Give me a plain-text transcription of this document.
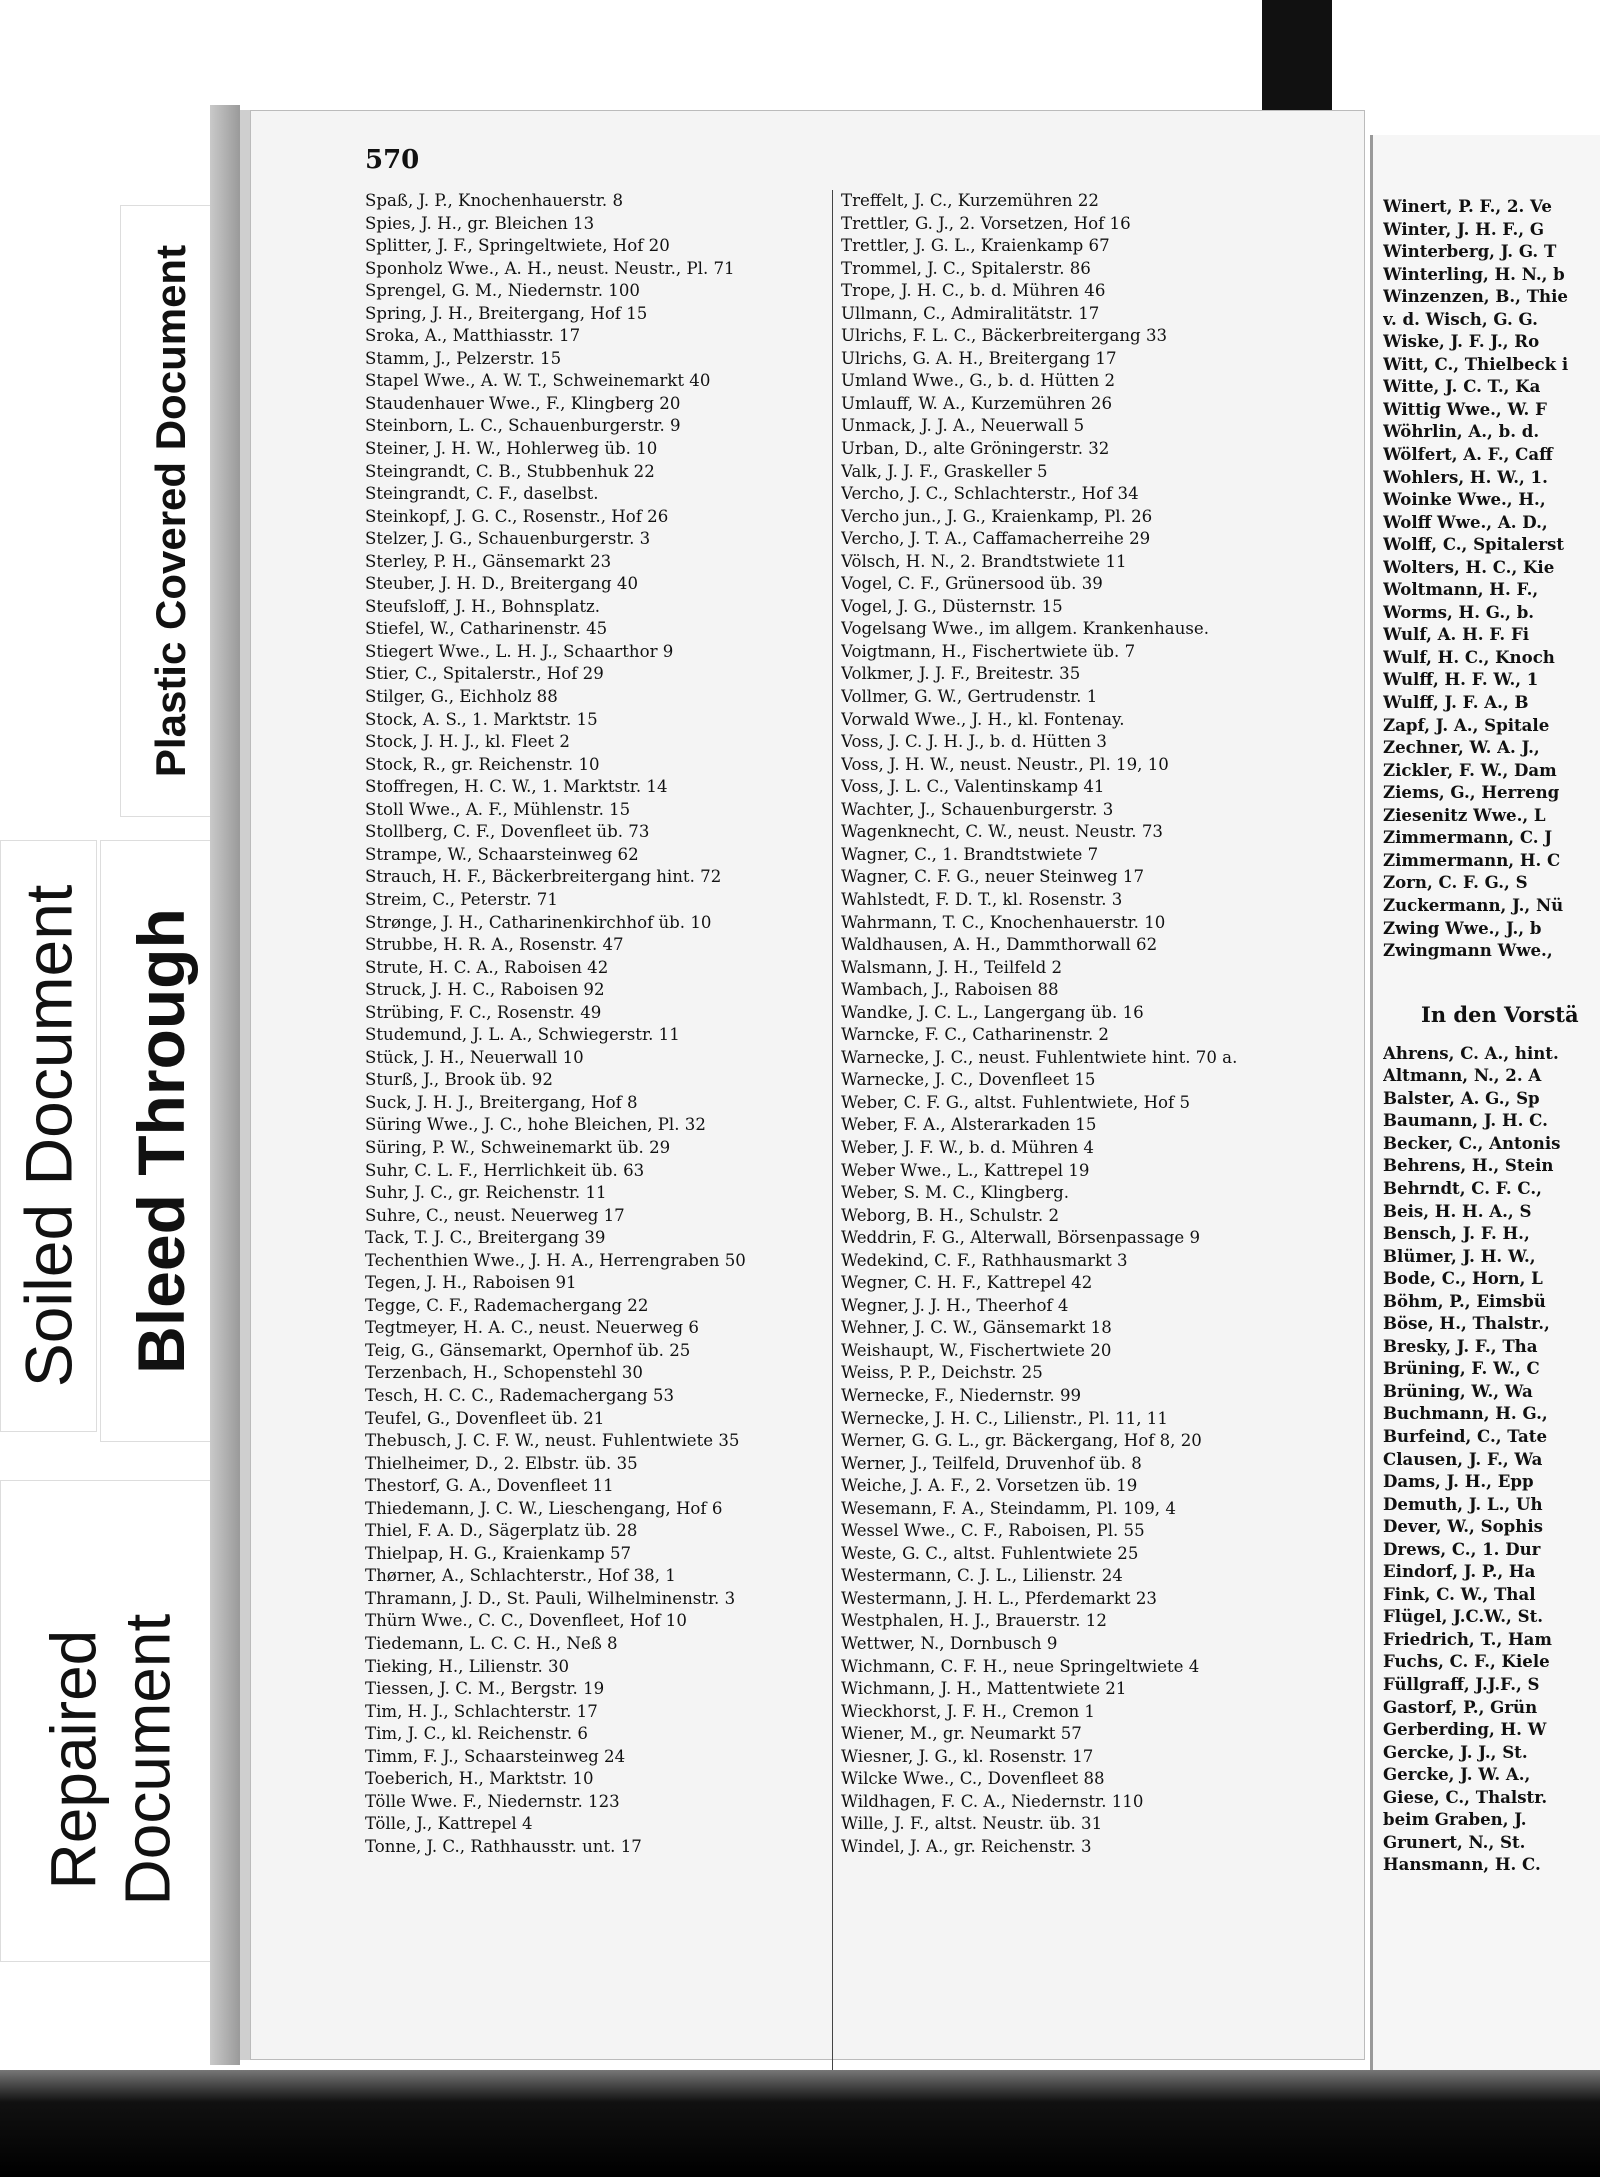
Plastic Covered Document
Soiled Document Bleed Through
Repaired Document
570
Spaß, J. P., Knochenhauerstr. 8
Spies, J. H., gr. Bleichen 13
Splitter, J. F., Springeltwiete, Hof 20
Sponholz Wwe., A. H., neust. Neustr., Pl. 71
Sprengel, G. M., Niedernstr. 100
Spring, J. H., Breitergang, Hof 15
Sroka, A., Matthiasstr. 17
Stamm, J., Pelzerstr. 15
Stapel Wwe., A. W. T., Schweinemarkt 40
Staudenhauer Wwe., F., Klingberg 20
Steinborn, L. C., Schauenburgerstr. 9
Steiner, J. H. W., Hohlerweg üb. 10
Steingrandt, C. B., Stubbenhuk 22
Steingrandt, C. F., daselbst.
Steinkopf, J. G. C., Rosenstr., Hof 26
Stelzer, J. G., Schauenburgerstr. 3
Sterley, P. H., Gänsemarkt 23
Steuber, J. H. D., Breitergang 40
Steufsloff, J. H., Bohnsplatz.
Stiefel, W., Catharinenstr. 45
Stiegert Wwe., L. H. J., Schaarthor 9
Stier, C., Spitalerstr., Hof 29
Stilger, G., Eichholz 88
Stock, A. S., 1. Marktstr. 15
Stock, J. H. J., kl. Fleet 2
Stock, R., gr. Reichenstr. 10
Stoffregen, H. C. W., 1. Marktstr. 14
Stoll Wwe., A. F., Mühlenstr. 15
Stollberg, C. F., Dovenfleet üb. 73
Strampe, W., Schaarsteinweg 62
Strauch, H. F., Bäckerbreitergang hint. 72
Streim, C., Peterstr. 71
Strønge, J. H., Catharinenkirchhof üb. 10
Strubbe, H. R. A., Rosenstr. 47
Strute, H. C. A., Raboisen 42
Struck, J. H. C., Raboisen 92
Strübing, F. C., Rosenstr. 49
Studemund, J. L. A., Schwiegerstr. 11
Stück, J. H., Neuerwall 10
Sturß, J., Brook üb. 92
Suck, J. H. J., Breitergang, Hof 8
Süring Wwe., J. C., hohe Bleichen, Pl. 32
Süring, P. W., Schweinemarkt üb. 29
Suhr, C. L. F., Herrlichkeit üb. 63
Suhr, J. C., gr. Reichenstr. 11
Suhre, C., neust. Neuerweg 17
Tack, T. J. C., Breitergang 39
Techenthien Wwe., J. H. A., Herrengraben 50
Tegen, J. H., Raboisen 91
Tegge, C. F., Rademachergang 22
Tegtmeyer, H. A. C., neust. Neuerweg 6
Teig, G., Gänsemarkt, Opernhof üb. 25
Terzenbach, H., Schopenstehl 30
Tesch, H. C. C., Rademachergang 53
Teufel, G., Dovenfleet üb. 21
Thebusch, J. C. F. W., neust. Fuhlentwiete 35
Thielheimer, D., 2. Elbstr. üb. 35
Thestorf, G. A., Dovenfleet 11
Thiedemann, J. C. W., Lieschengang, Hof 6
Thiel, F. A. D., Sägerplatz üb. 28
Thielpap, H. G., Kraienkamp 57
Thørner, A., Schlachterstr., Hof 38, 1
Thramann, J. D., St. Pauli, Wilhelminenstr. 3
Thürn Wwe., C. C., Dovenfleet, Hof 10
Tiedemann, L. C. C. H., Neß 8
Tieking, H., Lilienstr. 30
Tiessen, J. C. M., Bergstr. 19
Tim, H. J., Schlachterstr. 17
Tim, J. C., kl. Reichenstr. 6
Timm, F. J., Schaarsteinweg 24
Toeberich, H., Marktstr. 10
Tölle Wwe. F., Niedernstr. 123
Tölle, J., Kattrepel 4
Tonne, J. C., Rathhausstr. unt. 17
Treffelt, J. C., Kurzemühren 22
Trettler, G. J., 2. Vorsetzen, Hof 16
Trettler, J. G. L., Kraienkamp 67
Trommel, J. C., Spitalerstr. 86
Trope, J. H. C., b. d. Mühren 46
Ullmann, C., Admiralitätstr. 17
Ulrichs, F. L. C., Bäckerbreitergang 33
Ulrichs, G. A. H., Breitergang 17
Umland Wwe., G., b. d. Hütten 2
Umlauff, W. A., Kurzemühren 26
Unmack, J. J. A., Neuerwall 5
Urban, D., alte Gröningerstr. 32
Valk, J. J. F., Graskeller 5
Vercho, J. C., Schlachterstr., Hof 34
Vercho jun., J. G., Kraienkamp, Pl. 26
Vercho, J. T. A., Caffamacherreihe 29
Völsch, H. N., 2. Brandtstwiete 11
Vogel, C. F., Grünersood üb. 39
Vogel, J. G., Düsternstr. 15
Vogelsang Wwe., im allgem. Krankenhause.
Voigtmann, H., Fischertwiete üb. 7
Volkmer, J. J. F., Breitestr. 35
Vollmer, G. W., Gertrudenstr. 1
Vorwald Wwe., J. H., kl. Fontenay.
Voss, J. C. J. H. J., b. d. Hütten 3
Voss, J. H. W., neust. Neustr., Pl. 19, 10
Voss, J. L. C., Valentinskamp 41
Wachter, J., Schauenburgerstr. 3
Wagenknecht, C. W., neust. Neustr. 73
Wagner, C., 1. Brandtstwiete 7
Wagner, C. F. G., neuer Steinweg 17
Wahlstedt, F. D. T., kl. Rosenstr. 3
Wahrmann, T. C., Knochenhauerstr. 10
Waldhausen, A. H., Dammthorwall 62
Walsmann, J. H., Teilfeld 2
Wambach, J., Raboisen 88
Wandke, J. C. L., Langergang üb. 16
Warncke, F. C., Catharinenstr. 2
Warnecke, J. C., neust. Fuhlentwiete hint. 70 a.
Warnecke, J. C., Dovenfleet 15
Weber, C. F. G., altst. Fuhlentwiete, Hof 5
Weber, F. A., Alsterarkaden 15
Weber, J. F. W., b. d. Mühren 4
Weber Wwe., L., Kattrepel 19
Weber, S. M. C., Klingberg.
Weborg, B. H., Schulstr. 2
Weddrin, F. G., Alterwall, Börsenpassage 9
Wedekind, C. F., Rathhausmarkt 3
Wegner, C. H. F., Kattrepel 42
Wegner, J. J. H., Theerhof 4
Wehner, J. C. W., Gänsemarkt 18
Weishaupt, W., Fischertwiete 20
Weiss, P. P., Deichstr. 25
Wernecke, F., Niedernstr. 99
Wernecke, J. H. C., Lilienstr., Pl. 11, 11
Werner, G. G. L., gr. Bäckergang, Hof 8, 20
Werner, J., Teilfeld, Druvenhof üb. 8
Weiche, J. A. F., 2. Vorsetzen üb. 19
Wesemann, F. A., Steindamm, Pl. 109, 4
Wessel Wwe., C. F., Raboisen, Pl. 55
Weste, G. C., altst. Fuhlentwiete 25
Westermann, C. J. L., Lilienstr. 24
Westermann, J. H. L., Pferdemarkt 23
Westphalen, H. J., Brauerstr. 12
Wettwer, N., Dornbusch 9
Wichmann, C. F. H., neue Springeltwiete 4
Wichmann, J. H., Mattentwiete 21
Wieckhorst, J. F. H., Cremon 1
Wiener, M., gr. Neumarkt 57
Wiesner, J. G., kl. Rosenstr. 17
Wilcke Wwe., C., Dovenfleet 88
Wildhagen, F. C. A., Niedernstr. 110
Wille, J. F., altst. Neustr. üb. 31
Windel, J. A., gr. Reichenstr. 3
Winert, P. F., 2. Ve
Winter, J. H. F., G
Winterberg, J. G. T
Winterling, H. N., b
Winzenzen, B., Thie
v. d. Wisch, G. G.
Wiske, J. F. J., Ro
Witt, C., Thielbeck i
Witte, J. C. T., Ka
Wittig Wwe., W. F
Wöhrlin, A., b. d.
Wölfert, A. F., Caff
Wohlers, H. W., 1.
Woinke Wwe., H.,
Wolff Wwe., A. D.,
Wolff, C., Spitalerst
Wolters, H. C., Kie
Woltmann, H. F.,
Worms, H. G., b.
Wulf, A. H. F. Fi
Wulf, H. C., Knoch
Wulff, H. F. W., 1
Wulff, J. F. A., B
Zapf, J. A., Spitale
Zechner, W. A. J.,
Zickler, F. W., Dam
Ziems, G., Herreng
Ziesenitz Wwe., L
Zimmermann, C. J
Zimmermann, H. C
Zorn, C. F. G., S
Zuckermann, J., Nü
Zwing Wwe., J., b
Zwingmann Wwe.,
In den Vorstä
Ahrens, C. A., hint.
Altmann, N., 2. A
Balster, A. G., Sp
Baumann, J. H. C.
Becker, C., Antonis
Behrens, H., Stein
Behrndt, C. F. C.,
Beis, H. H. A., S
Bensch, J. F. H.,
Blümer, J. H. W.,
Bode, C., Horn, L
Böhm, P., Eimsbü
Böse, H., Thalstr.,
Bresky, J. F., Tha
Brüning, F. W., C
Brüning, W., Wa
Buchmann, H. G.,
Burfeind, C., Tate
Clausen, J. F., Wa
Dams, J. H., Epp
Demuth, J. L., Uh
Dever, W., Sophis
Drews, C., 1. Dur
Eindorf, J. P., Ha
Fink, C. W., Thal
Flügel, J.C.W., St.
Friedrich, T., Ham
Fuchs, C. F., Kiele
Füllgraff, J.J.F., S
Gastorf, P., Grün
Gerberding, H. W
Gercke, J. J., St.
Gercke, J. W. A.,
Giese, C., Thalstr.
beim Graben, J.
Grunert, N., St.
Hansmann, H. C.
